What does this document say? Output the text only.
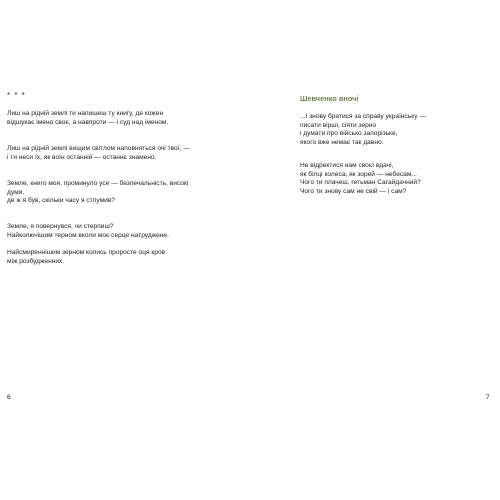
* * *
Лиш на рідній землі ти напишеш ту книгу, де кожен
відшукає імено своє, а навпроти — і суд над іменом.
Лиш на рідній землі вищим світлом наповняться очі твої, —
і ти неси їх, як воїн останній — останнє знамено.
Земле, книго моя, проминуло усе — безпечальність, високі
думи,
де ж я був, скільки часу я стлумив?
Земле, я повернувся, чи стерпиш?
Найколючішим терном вколи моє серце натруджене.
Найсмиреннішим зерном колись проросте оця кров
між розбудженних.
6
Шевченко вночі
...І знову братися за справу українську —
писати вірші, сіяти зерно
і думати про військо запорізьке,
якого вже немає так давно.
Не відректися нам своєї вдачі,
як білці колеса, як зорей — небесам...
Чого ти плачеш, гетьман Сагайдачний?
Чого ти знову сам не свій — і сам?
7
